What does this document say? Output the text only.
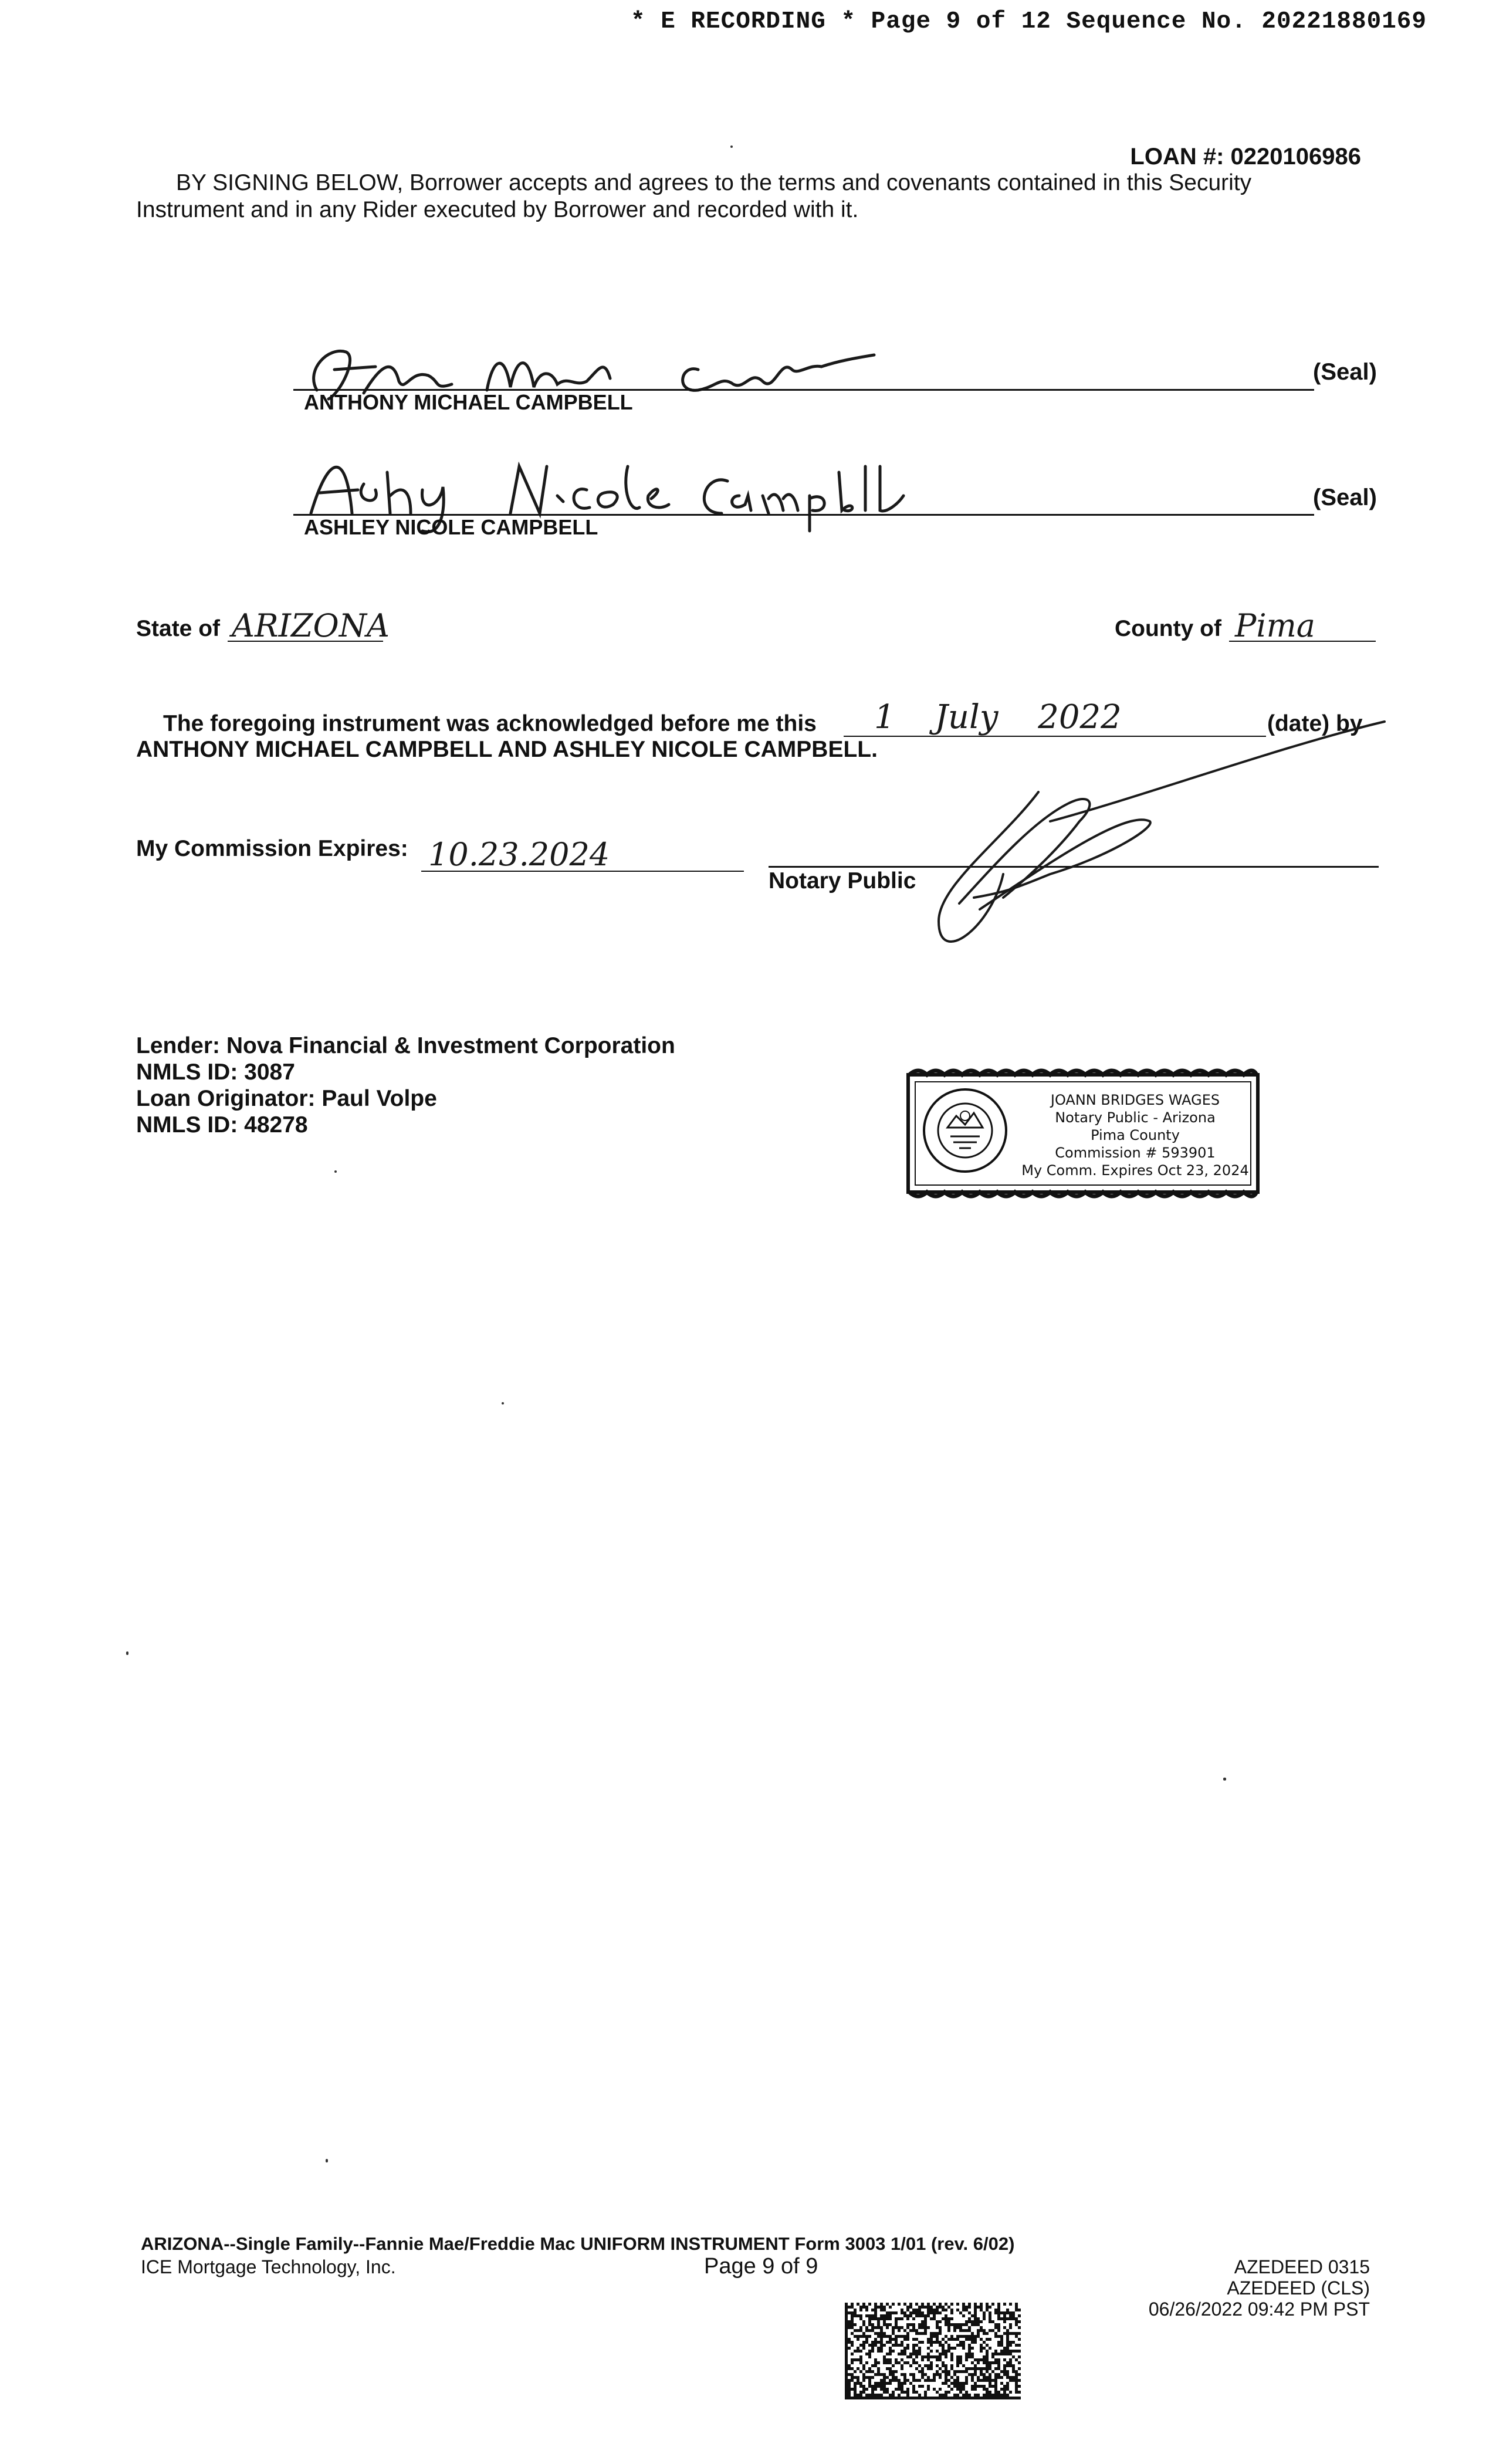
* E RECORDING * Page 9 of 12 Sequence No. 20221880169
LOAN #: 0220106986
BY SIGNING BELOW, Borrower accepts and agrees to the terms and covenants contained in this Security
Instrument and in any Rider executed by Borrower and recorded with it.
ANTHONY MICHAEL CAMPBELL
(Seal)
ASHLEY NICOLE CAMPBELL
(Seal)
State of ARIZONA	County of Pima
The foregoing instrument was acknowledged before me this 1 July 2022	(date) by
ANTHONY MICHAEL CAMPBELL AND ASHLEY NICOLE CAMPBELL.
My Commission Expires: 10.23.2024
Notary Public
Lender: Nova Financial & Investment Corporation
NMLS ID: 3087
Loan Originator: Paul Volpe
NMLS ID: 48278
JOANN BRIDGES WAGES
Notary Public - Arizona
Pima County
Commission # 593901
My Comm. Expires Oct 23, 2024
ARIZONA--Single Family--Fannie Mae/Freddie Mac UNIFORM INSTRUMENT Form 3003 1/01 (rev. 6/02)
ICE Mortgage Technology, Inc.	Page 9 of 9	AZEDEED 0315
AZEDEED (CLS)
06/26/2022 09:42 PM PST
